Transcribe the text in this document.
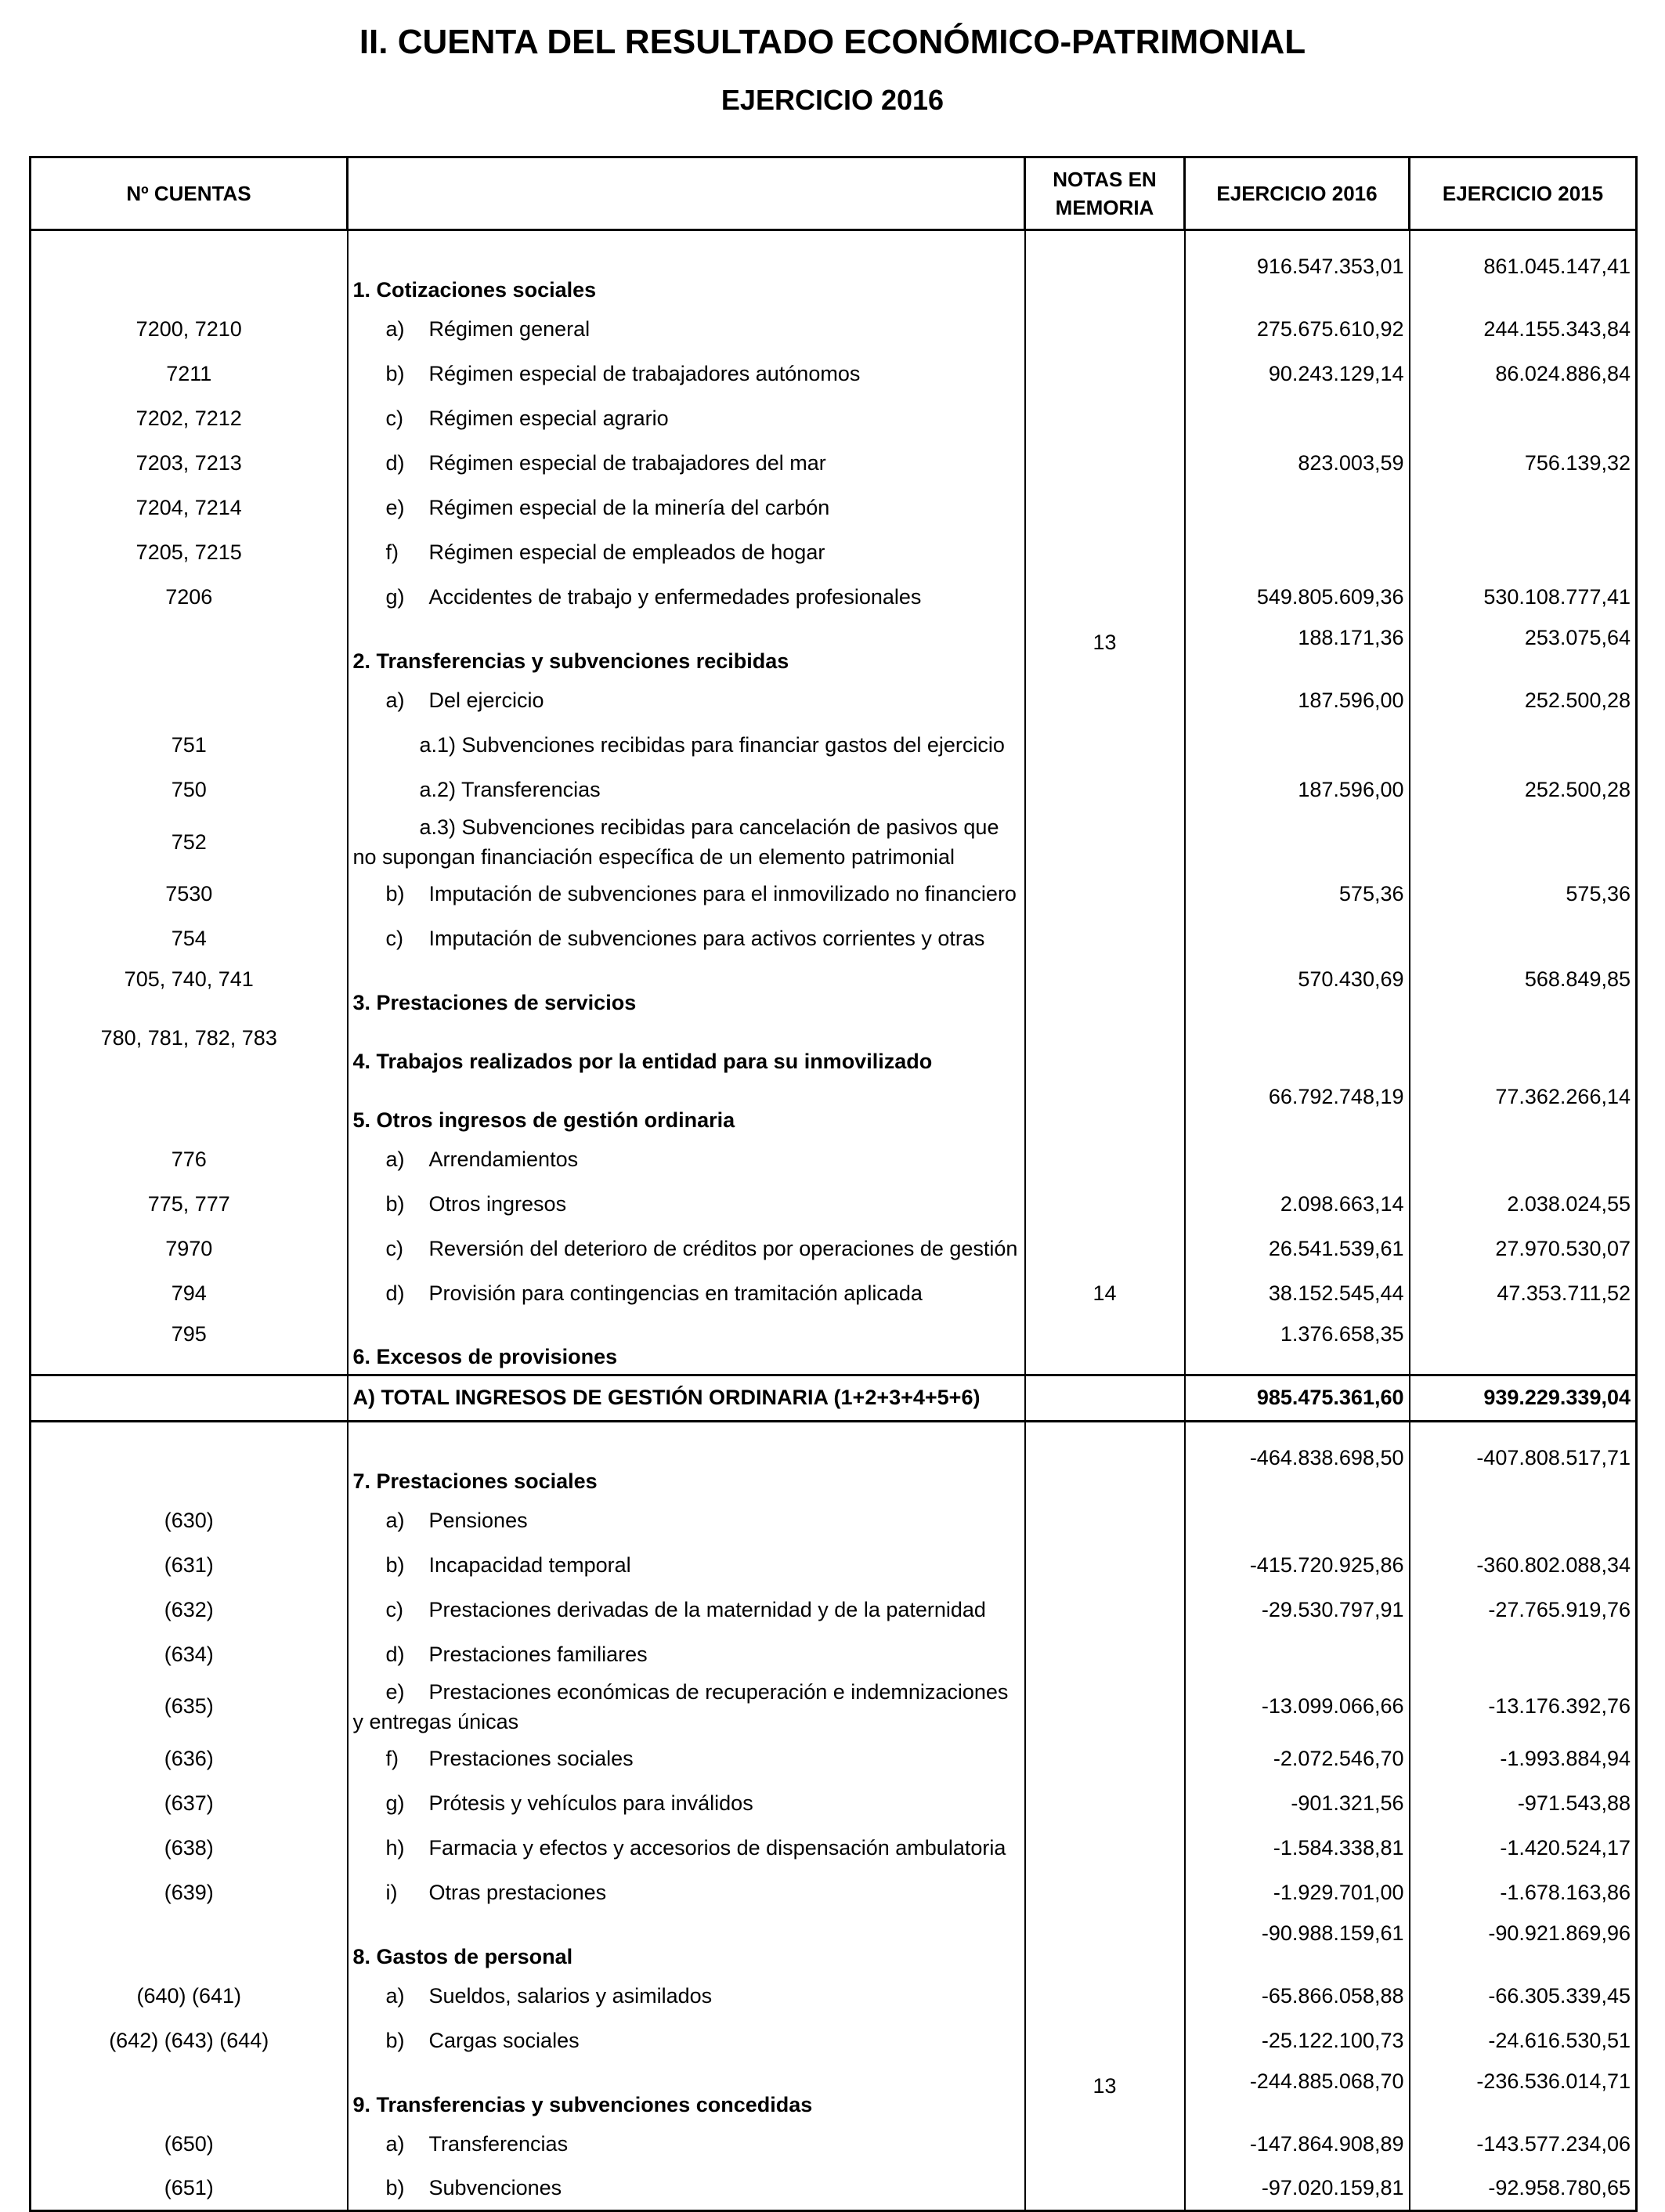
II. CUENTA DEL RESULTADO ECONÓMICO-PATRIMONIAL
EJERCICIO 2016
Nº CUENTAS		NOTAS EN MEMORIA	EJERCICIO 2016	EJERCICIO 2015

	1. Cotizaciones sociales		916.547.353,01	861.045.147,41
7200, 7210	a) Régimen general		275.675.610,92	244.155.343,84
7211	b) Régimen especial de trabajadores autónomos		90.243.129,14	86.024.886,84
7202, 7212	c) Régimen especial agrario			
7203, 7213	d) Régimen especial de trabajadores del mar		823.003,59	756.139,32
7204, 7214	e) Régimen especial de la minería del carbón			
7205, 7215	f) Régimen especial de empleados de hogar			
7206	g) Accidentes de trabajo y enfermedades profesionales		549.805.609,36	530.108.777,41
	2. Transferencias y subvenciones recibidas	13	188.171,36	253.075,64
	a) Del ejercicio		187.596,00	252.500,28
751	a.1) Subvenciones recibidas para financiar gastos del ejercicio			
750	a.2) Transferencias		187.596,00	252.500,28
752	a.3) Subvenciones recibidas para cancelación de pasivos que
no supongan financiación específica de un elemento patrimonial			

7530	b) Imputación de subvenciones para el inmovilizado no financiero		575,36	575,36
754	c) Imputación de subvenciones para activos corrientes y otras			
705, 740, 741	3. Prestaciones de servicios		570.430,69	568.849,85
780, 781, 782, 783	4. Trabajos realizados por la entidad para su inmovilizado			
	5. Otros ingresos de gestión ordinaria		66.792.748,19	77.362.266,14
776	a) Arrendamientos			
775, 777	b) Otros ingresos		2.098.663,14	2.038.024,55
7970	c) Reversión del deterioro de créditos por operaciones de gestión		26.541.539,61	27.970.530,07
794	d) Provisión para contingencias en tramitación aplicada	14	38.152.545,44	47.353.711,52
795	6. Excesos de provisiones		1.376.658,35	
	A) TOTAL INGRESOS DE GESTIÓN ORDINARIA (1+2+3+4+5+6)		985.475.361,60	939.229.339,04

	7. Prestaciones sociales		-464.838.698,50	-407.808.517,71
(630)	a) Pensiones			
(631)	b) Incapacidad temporal		-415.720.925,86	-360.802.088,34
(632)	c) Prestaciones derivadas de la maternidad y de la paternidad		-29.530.797,91	-27.765.919,76
(634)	d) Prestaciones familiares			
(635)	e) Prestaciones económicas de recuperación e indemnizaciones
y entregas únicas		-13.099.066,66	-13.176.392,76
(636)	f) Prestaciones sociales		-2.072.546,70	-1.993.884,94
(637)	g) Prótesis y vehículos para inválidos		-901.321,56	-971.543,88
(638)	h) Farmacia y efectos y accesorios de dispensación ambulatoria		-1.584.338,81	-1.420.524,17
(639)	i) Otras prestaciones		-1.929.701,00	-1.678.163,86
	8. Gastos de personal		-90.988.159,61	-90.921.869,96
(640) (641)	a) Sueldos, salarios y asimilados		-65.866.058,88	-66.305.339,45
(642) (643) (644)	b) Cargas sociales		-25.122.100,73	-24.616.530,51
	9. Transferencias y subvenciones concedidas	13	-244.885.068,70	-236.536.014,71
(650)	a) Transferencias		-147.864.908,89	-143.577.234,06
(651)	b) Subvenciones		-97.020.159,81	-92.958.780,65
